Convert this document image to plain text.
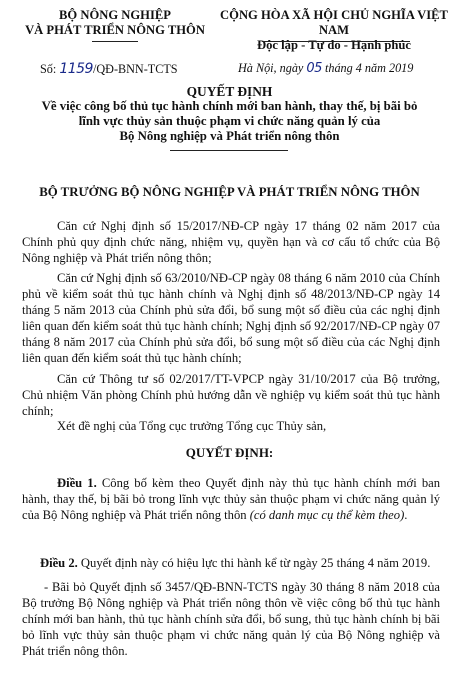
BỘ NÔNG NGHIỆP
VÀ PHÁT TRIỂN NÔNG THÔN
CỘNG HÒA XÃ HỘI CHỦ NGHĨA VIỆT NAM
Độc lập - Tự do - Hạnh phúc
Số: 1159/QĐ-BNN-TCTS	Hà Nội, ngày 05 tháng 4 năm 2019
QUYẾT ĐỊNH
Về việc công bố thủ tục hành chính mới ban hành, thay thế, bị bãi bỏ
lĩnh vực thủy sản thuộc phạm vi chức năng quản lý của
Bộ Nông nghiệp và Phát triển nông thôn
BỘ TRƯỞNG BỘ NÔNG NGHIỆP VÀ PHÁT TRIỂN NÔNG THÔN
Căn cứ Nghị định số 15/2017/NĐ-CP ngày 17 tháng 02 năm 2017 của Chính phủ quy định chức năng, nhiệm vụ, quyền hạn và cơ cấu tổ chức của Bộ Nông nghiệp và Phát triển nông thôn;
Căn cứ Nghị định số 63/2010/NĐ-CP ngày 08 tháng 6 năm 2010 của Chính phủ về kiểm soát thủ tục hành chính và Nghị định số 48/2013/NĐ-CP ngày 14 tháng 5 năm 2013 của Chính phủ sửa đổi, bổ sung một số điều của các nghị định liên quan đến kiểm soát thủ tục hành chính; Nghị định số 92/2017/NĐ-CP ngày 07 tháng 8 năm 2017 của Chính phủ sửa đổi, bổ sung một số điều của các Nghị định liên quan đến kiểm soát thủ tục hành chính;
Căn cứ Thông tư số 02/2017/TT-VPCP ngày 31/10/2017 của Bộ trưởng, Chủ nhiệm Văn phòng Chính phủ hướng dẫn về nghiệp vụ kiểm soát thủ tục hành chính;
Xét đề nghị của Tổng cục trưởng Tổng cục Thủy sản,
QUYẾT ĐỊNH:
Điều 1. Công bố kèm theo Quyết định này thủ tục hành chính mới ban hành, thay thế, bị bãi bỏ trong lĩnh vực thủy sản thuộc phạm vi chức năng quản lý của Bộ Nông nghiệp và Phát triển nông thôn (có danh mục cụ thể kèm theo).
Điều 2. Quyết định này có hiệu lực thi hành kể từ ngày 25 tháng 4 năm 2019.
- Bãi bỏ Quyết định số 3457/QĐ-BNN-TCTS ngày 30 tháng 8 năm 2018 của Bộ trưởng Bộ Nông nghiệp và Phát triển nông thôn về việc công bố thủ tục hành chính mới ban hành, thủ tục hành chính sửa đổi, bổ sung, thủ tục hành chính bị bãi bỏ lĩnh vực thủy sản thuộc phạm vi chức năng quản lý của Bộ Nông nghiệp và Phát triển nông thôn.
